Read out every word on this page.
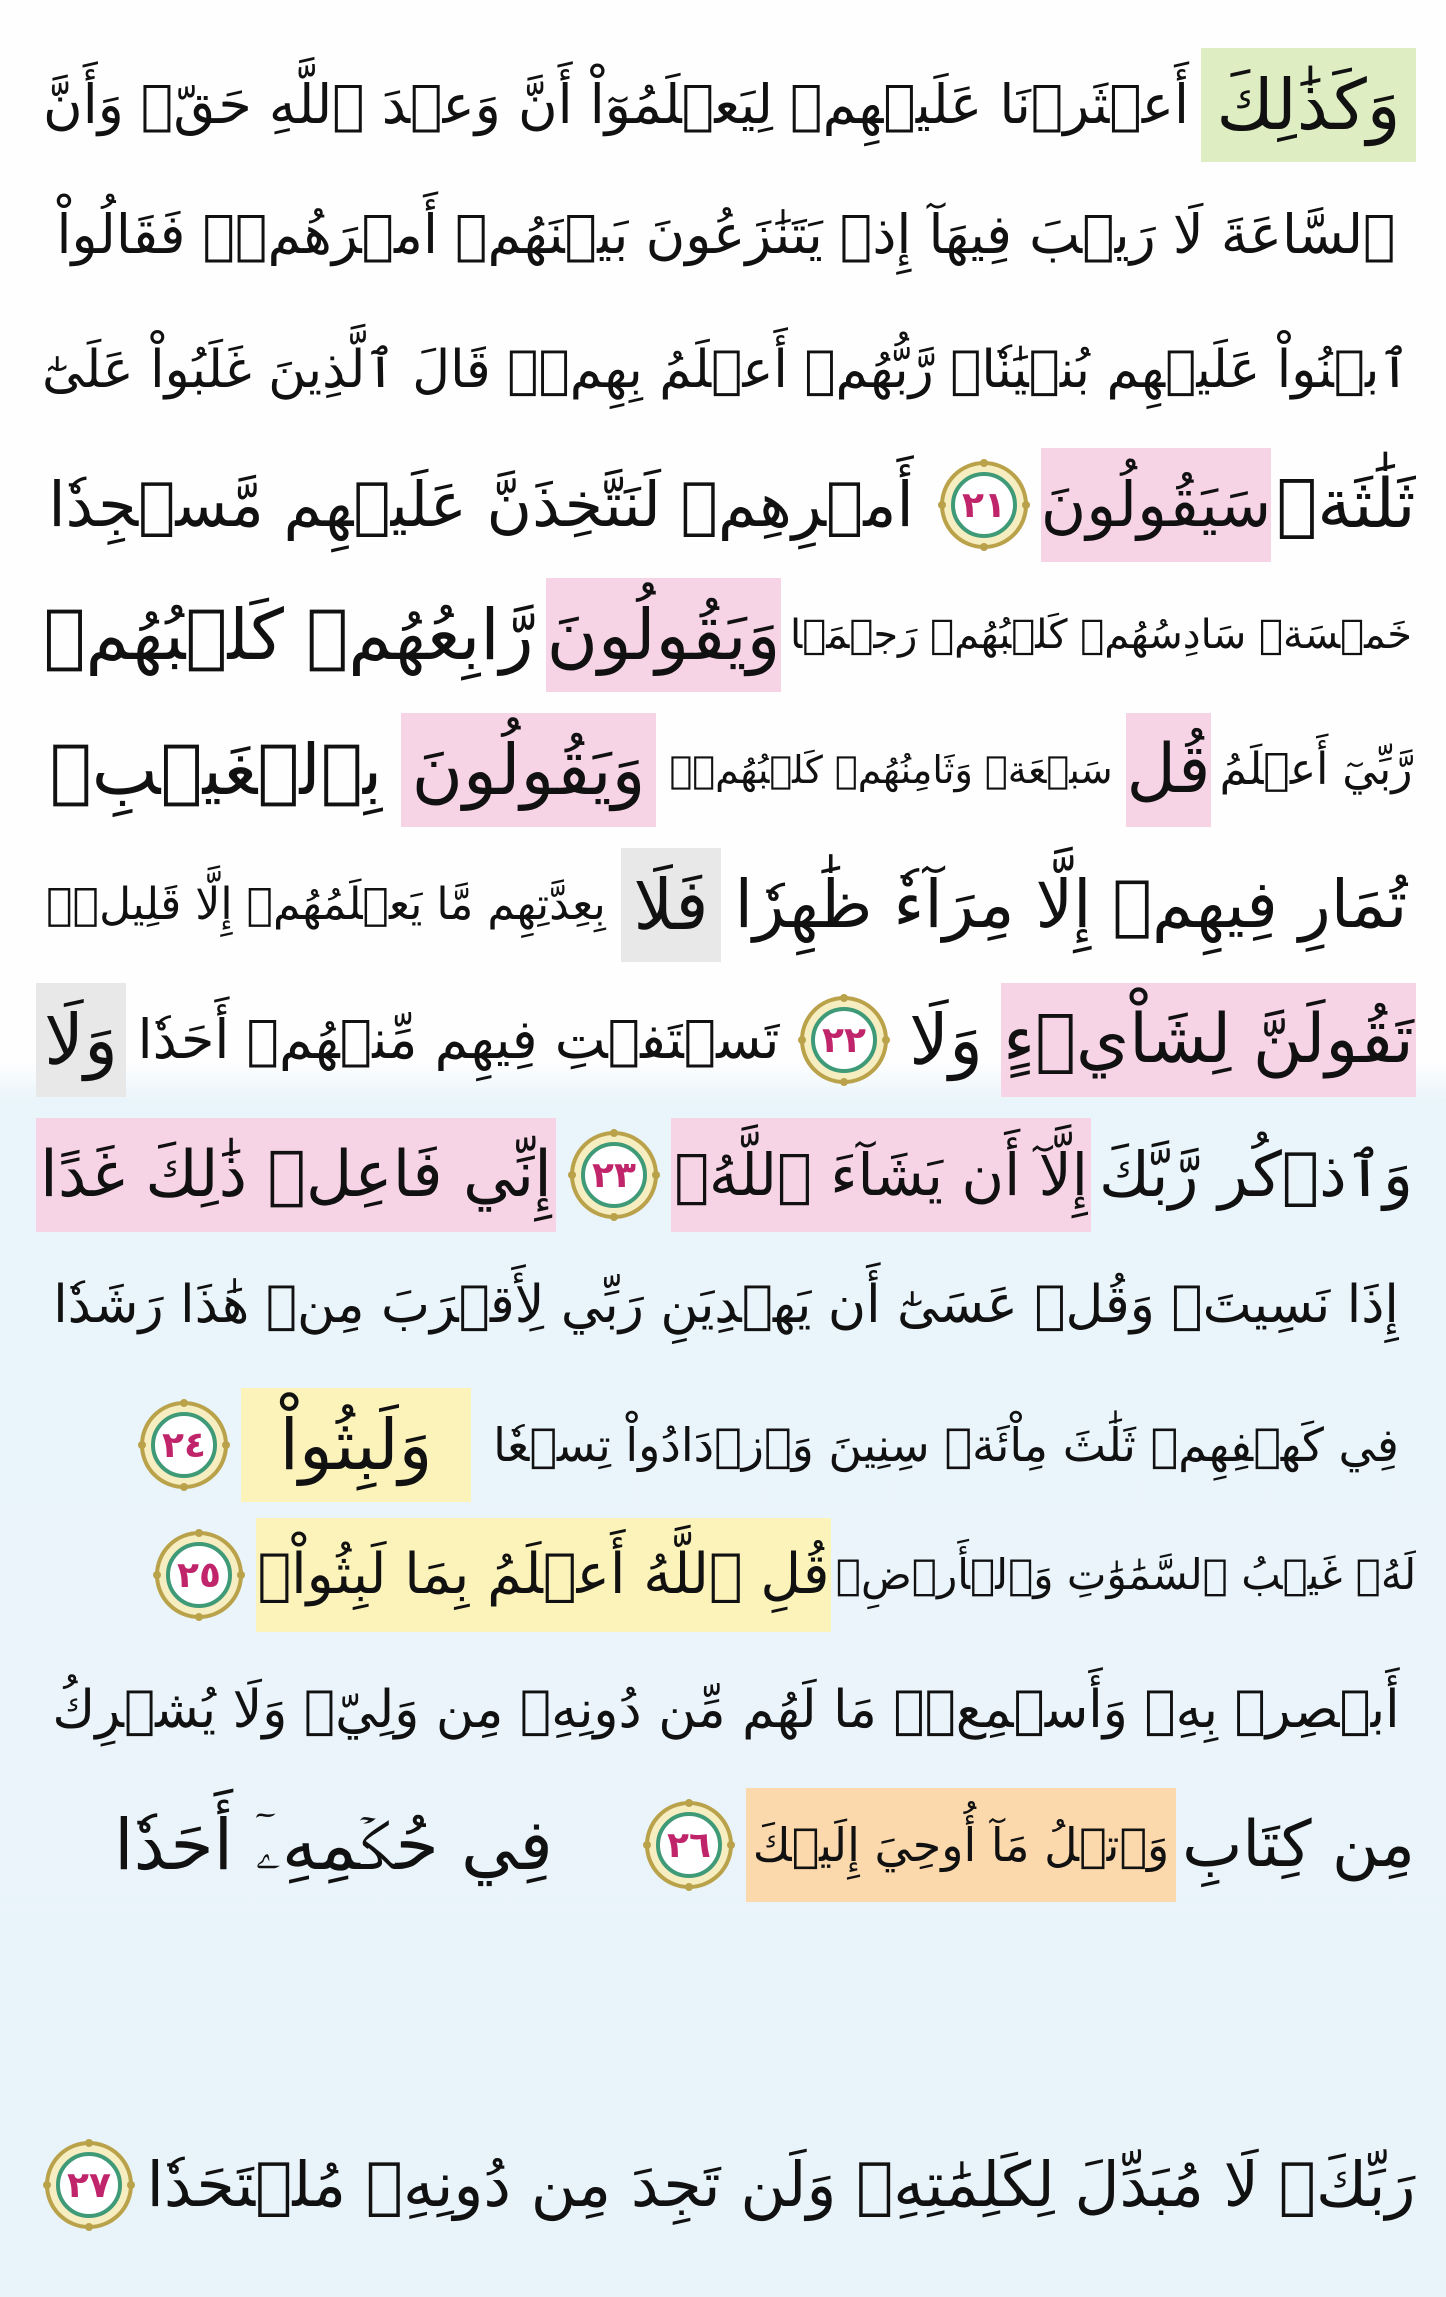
وَكَذَٰلِكَ
أَعۡثَرۡنَا عَلَيۡهِمۡ لِيَعۡلَمُوٓاْ أَنَّ وَعۡدَ ٱللَّهِ حَقّٞ وَأَنَّ
ٱلسَّاعَةَ لَا رَيۡبَ فِيهَآ إِذۡ يَتَنَٰزَعُونَ بَيۡنَهُمۡ أَمۡرَهُمۡۖ فَقَالُواْ
ٱبۡنُواْ عَلَيۡهِم بُنۡيَٰنٗاۖ رَّبُّهُمۡ أَعۡلَمُ بِهِمۡۚ قَالَ ٱلَّذِينَ غَلَبُواْ عَلَىٰٓ
ثَلَٰثَةٞ
سَيَقُولُونَ
٢١
أَمۡرِهِمۡ لَنَتَّخِذَنَّ عَلَيۡهِم مَّسۡجِدٗا
خَمۡسَةٞ سَادِسُهُمۡ كَلۡبُهُمۡ رَجۡمَۢا
وَيَقُولُونَ
رَّابِعُهُمۡ كَلۡبُهُمۡ
رَّبِّيٓ أَعۡلَمُ
قُل
سَبۡعَةٞ وَثَامِنُهُمۡ كَلۡبُهُمۡۚ
وَيَقُولُونَ
بِٱلۡغَيۡبِۖ
تُمَارِ فِيهِمۡ إِلَّا مِرَآءٗ ظَٰهِرٗا
فَلَا
بِعِدَّتِهِم مَّا يَعۡلَمُهُمۡ إِلَّا قَلِيلٞۗ
تَقُولَنَّ لِشَاْيۡءٍ
وَلَا
٢٢
تَسۡتَفۡتِ فِيهِم مِّنۡهُمۡ أَحَدٗا
وَلَا
وَٱذۡكُر رَّبَّكَ
إِلَّآ أَن يَشَآءَ ٱللَّهُۚ
٢٣
إِنِّي فَاعِلٞ ذَٰلِكَ غَدًا
إِذَا نَسِيتَۚ وَقُلۡ عَسَىٰٓ أَن يَهۡدِيَنِ رَبِّي لِأَقۡرَبَ مِنۡ هَٰذَا رَشَدٗا
فِي كَهۡفِهِمۡ ثَلَٰثَ مِاْئَةٖ سِنِينَ وَٱزۡدَادُواْ تِسۡعٗا
وَلَبِثُواْ
٢٤
لَهُۥ غَيۡبُ ٱلسَّمَٰوَٰتِ وَٱلۡأَرۡضِۖ
قُلِ ٱللَّهُ أَعۡلَمُ بِمَا لَبِثُواْۖ
٢٥
أَبۡصِرۡ بِهِۦ وَأَسۡمِعۡۚ مَا لَهُم مِّن دُونِهِۦ مِن وَلِيّٖ وَلَا يُشۡرِكُ
مِن كِتَابِ
وَٱتۡلُ مَآ أُوحِيَ إِلَيۡكَ
٢٦
فِي حُكۡمِهِۦٓ أَحَدٗا
رَبِّكَۖ لَا مُبَدِّلَ لِكَلِمَٰتِهِۦ وَلَن تَجِدَ مِن دُونِهِۦ مُلۡتَحَدٗا
٢٧
